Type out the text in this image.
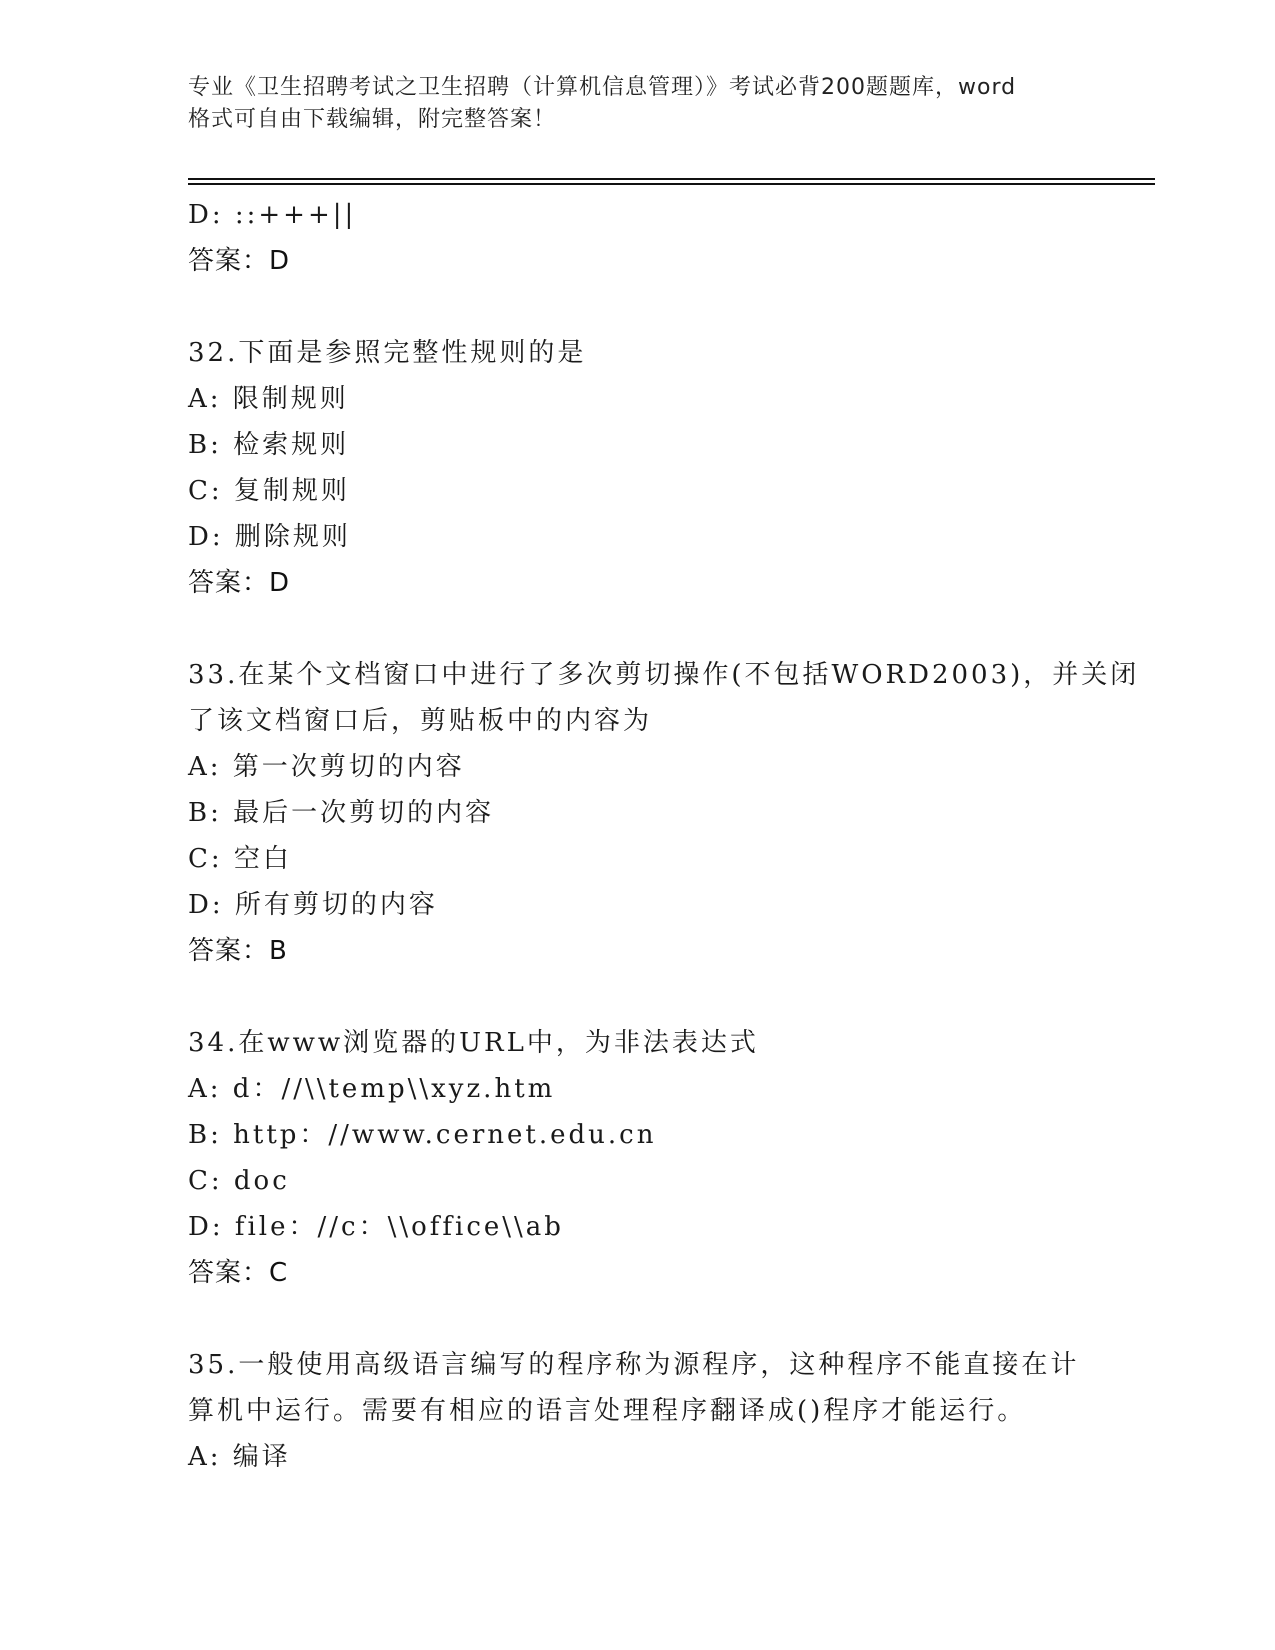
专业《卫生招聘考试之卫生招聘（计算机信息管理）》考试必背200题题库，word
格式可自由下载编辑，附完整答案！
D: ::+++||
答案：D
32.下面是参照完整性规则的是
A: 限制规则
B: 检索规则
C: 复制规则
D: 删除规则
答案：D
33.在某个文档窗口中进行了多次剪切操作(不包括WORD2003)，并关闭
了该文档窗口后，剪贴板中的内容为
A: 第一次剪切的内容
B: 最后一次剪切的内容
C: 空白
D: 所有剪切的内容
答案：B
34.在www浏览器的URL中，为非法表达式
A: d：//\\temp\\xyz.htm
B: http：//www.cernet.edu.cn
C: doc
D: file：//c：\\office\\ab
答案：C
35.一般使用高级语言编写的程序称为源程序，这种程序不能直接在计
算机中运行。需要有相应的语言处理程序翻译成()程序才能运行。
A: 编译
